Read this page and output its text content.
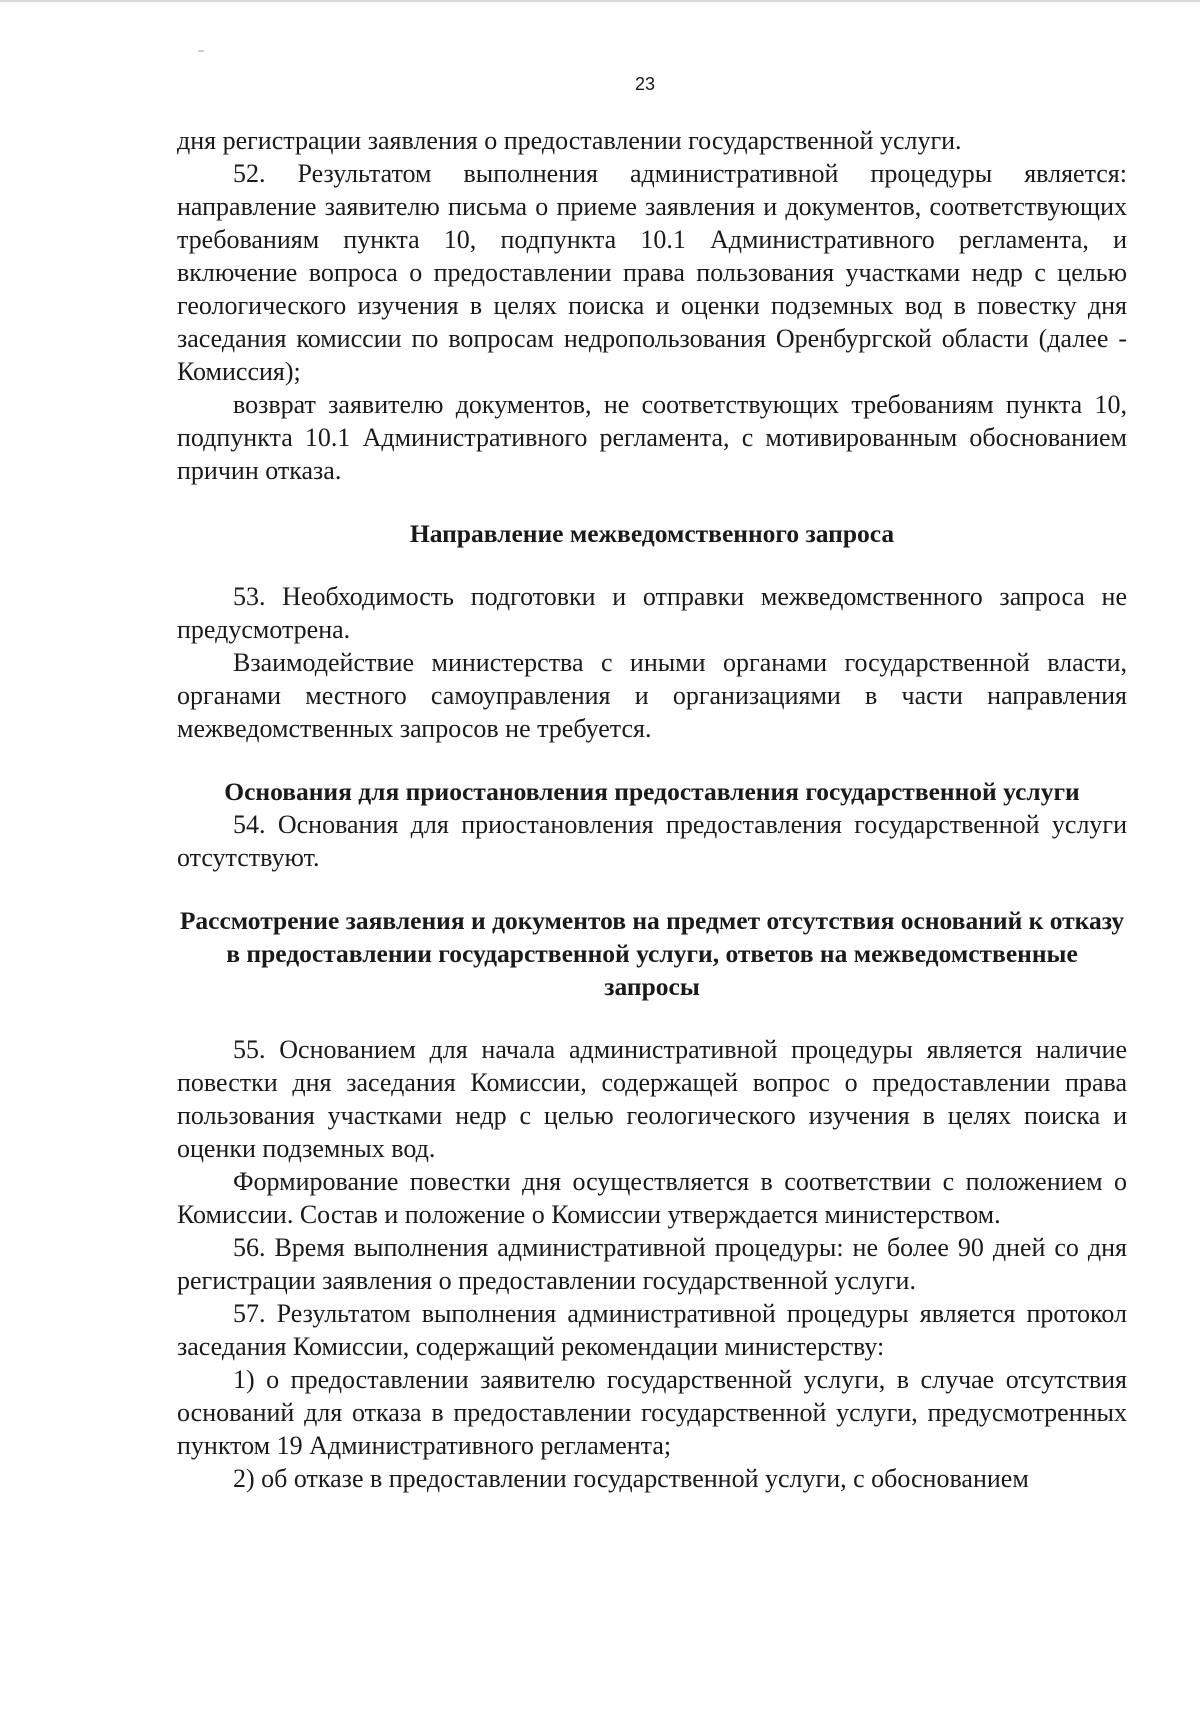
23

дня регистрации заявления о предоставлении государственной услуги.

52. Результатом выполнения административной процедуры является: направление заявителю письма о приеме заявления и документов, соответствующих требованиям пункта 10, подпункта 10.1 Административного регламента, и включение вопроса о предоставлении права пользования участками недр с целью геологического изучения в целях поиска и оценки подземных вод в повестку дня заседания комиссии по вопросам недропользования Оренбургской области (далее - Комиссия);

возврат заявителю документов, не соответствующих требованиям пункта 10, подпункта 10.1 Административного регламента, с мотивированным обоснованием причин отказа.

Направление межведомственного запроса

53. Необходимость подготовки и отправки межведомственного запроса не предусмотрена.

Взаимодействие министерства с иными органами государственной власти, органами местного самоуправления и организациями в части направления межведомственных запросов не требуется.

Основания для приостановления предоставления государственной услуги

54. Основания для приостановления предоставления государственной услуги отсутствуют.

Рассмотрение заявления и документов на предмет отсутствия оснований к отказу в предоставлении государственной услуги, ответов на межведомственные запросы

55. Основанием для начала административной процедуры является наличие повестки дня заседания Комиссии, содержащей вопрос о предоставлении права пользования участками недр с целью геологического изучения в целях поиска и оценки подземных вод.

Формирование повестки дня осуществляется в соответствии с положением о Комиссии. Состав и положение о Комиссии утверждается министерством.

56. Время выполнения административной процедуры: не более 90 дней со дня регистрации заявления о предоставлении государственной услуги.

57. Результатом выполнения административной процедуры является протокол заседания Комиссии, содержащий рекомендации министерству:

1) о предоставлении заявителю государственной услуги, в случае отсутствия оснований для отказа в предоставлении государственной услуги, предусмотренных пунктом 19 Административного регламента;

2) об отказе в предоставлении государственной услуги, с обоснованием
